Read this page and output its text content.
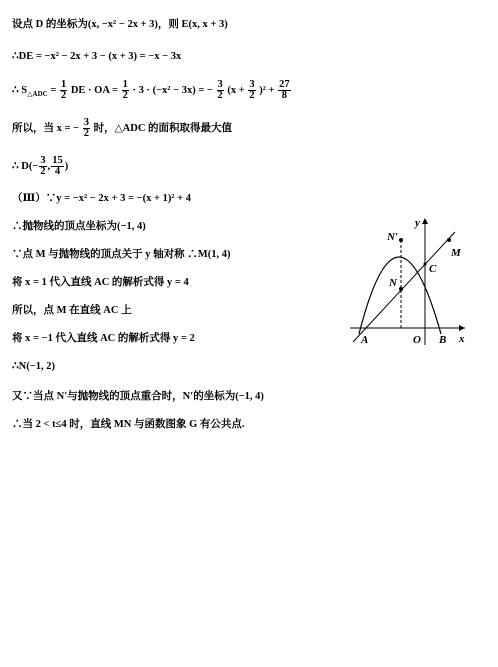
设点 D 的坐标为(x, −x² − 2x + 3)，则 E(x, x + 3)
∴DE = −x² − 2x + 3 − (x + 3) = −x − 3x
∴ $S_{\triangle ADC} = \frac{1}{2}$ DE · OA = $\frac{1}{2} \cdot 3 \cdot (-x^2 - 3x)$ = − $\frac{3}{2} (x + \frac{3}{2} )^2 + \frac{27}{8}$
所以，当 x = − $\frac{3}{2}$ 时，△ADC 的面积取得最大值
∴ $D(- \frac{3}{2}$ , $\frac{15}{4}$ )
（Ⅲ）∵y = −x² − 2x + 3 = −(x + 1)² + 4
∴抛物线的顶点坐标为(−1, 4)
∵点 M 与抛物线的顶点关于 y 轴对称 ∴M(1, 4)
将 x = 1 代入直线 AC 的解析式得 y = 4
所以，点 M 在直线 AC 上
将 x = −1 代入直线 AC 的解析式得 y = 2
∴N(−1, 2)
又∵当点 N′与抛物线的顶点重合时，N′的坐标为(−1, 4)
∴当 2 < t≤4 时，直线 MN 与函数图象 G 有公共点.
y
x
N′
N
M
C
A	O B
